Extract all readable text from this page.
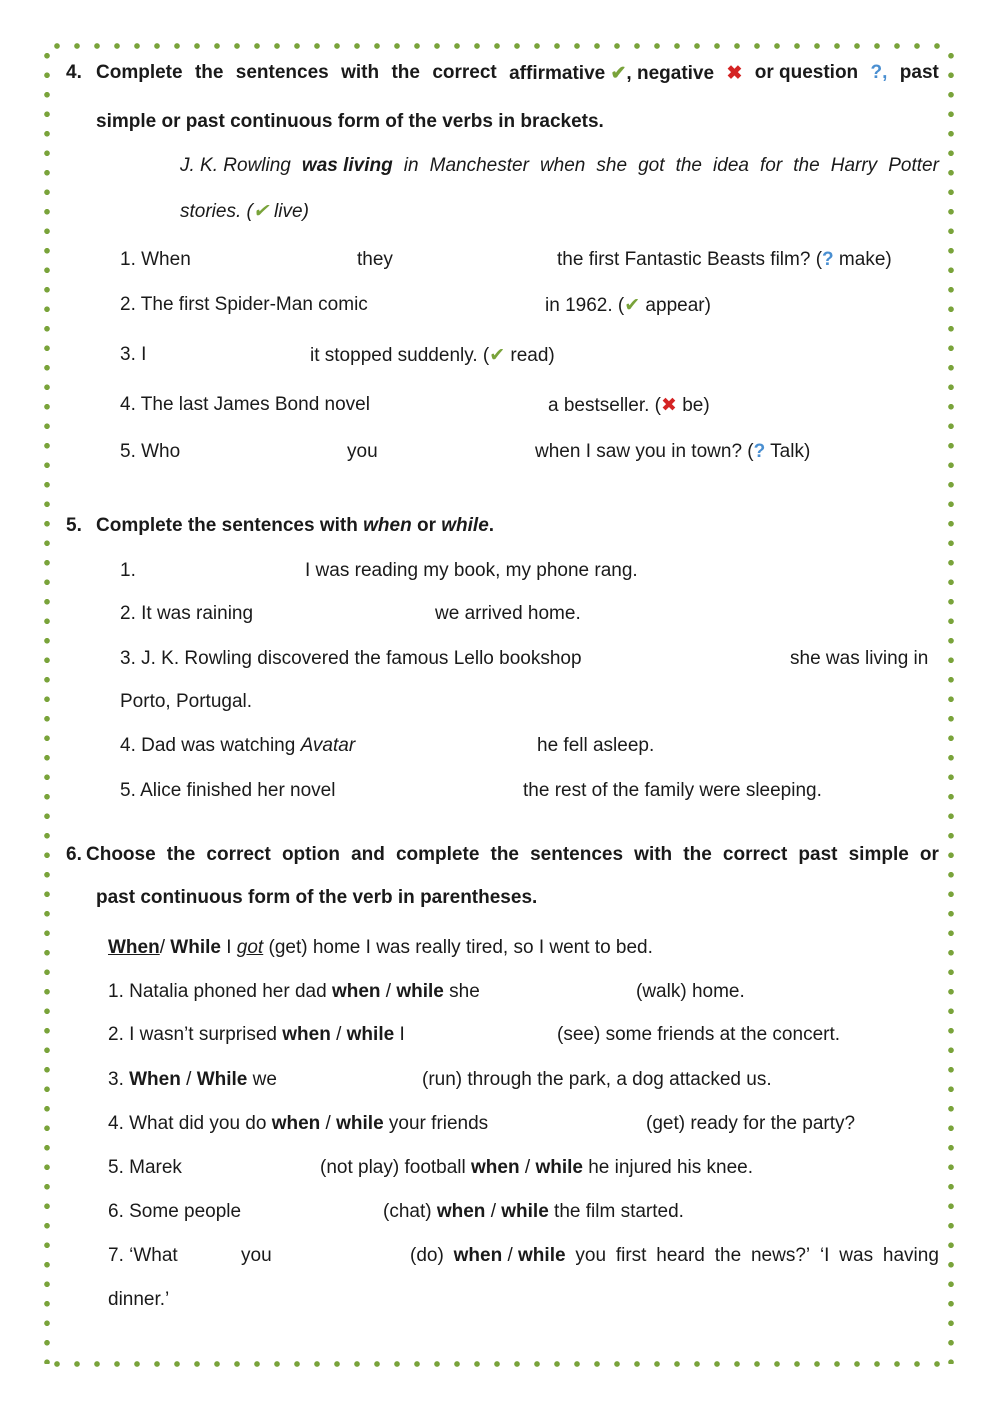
4. Complete the sentences with the correct affirmative ✔, negative ✖ or question ?, past
simple or past continuous form of the verbs in brackets.
J. K. Rowling was living in Manchester when she got the idea for the Harry Potter
stories. (✔ live)
1. When	they	the first Fantastic Beasts film? (? make)
2. The first Spider-Man comic	in 1962. (✔ appear)
3. I	it stopped suddenly. (✔ read)
4. The last James Bond novel	a bestseller. (✖ be)
5. Who	you	when I saw you in town? (? Talk)
5. Complete the sentences with when or while.
1.	I was reading my book, my phone rang.
2. It was raining	we arrived home.
3. J. K. Rowling discovered the famous Lello bookshop	she was living in
Porto, Portugal.
4. Dad was watching Avatar	he fell asleep.
5. Alice finished her novel	the rest of the family were sleeping.
6. Choose the correct option and complete the sentences with the correct past simple or
past continuous form of the verb in parentheses.
When/ While I got (get) home I was really tired, so I went to bed.
1. Natalia phoned her dad when / while she	(walk) home.
2. I wasn’t surprised when / while I	(see) some friends at the concert.
3. When / While we	(run) through the park, a dog attacked us.
4. What did you do when / while your friends	(get) ready for the party?
5. Marek	(not play) football when / while he injured his knee.
6. Some people	(chat) when / while the film started.
7. ‘What	you	(do) when / while you first heard the news?’ ‘I was having
dinner.’
